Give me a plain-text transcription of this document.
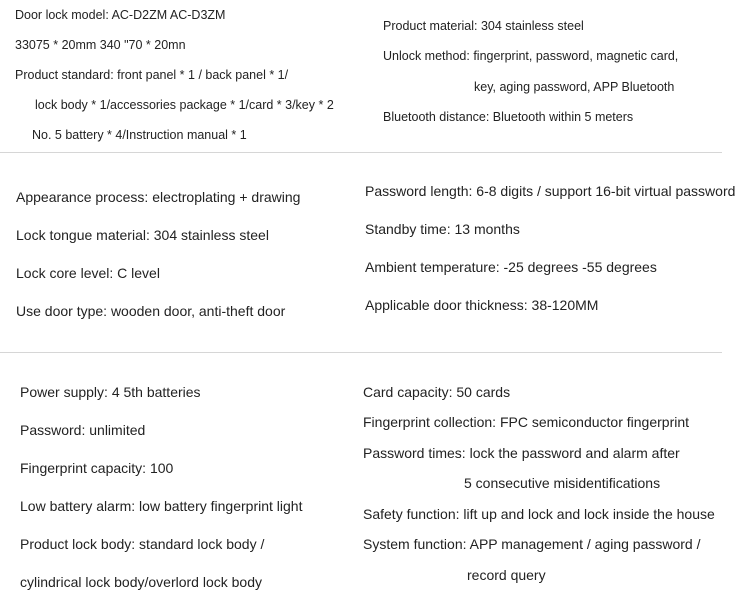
Door lock model: AC-D2ZM AC-D3ZM
33075 * 20mm 340 "70 * 20mn
Product standard: front panel * 1 / back panel * 1/
lock body * 1/accessories package * 1/card * 3/key * 2
No. 5 battery * 4/Instruction manual * 1
Product material: 304 stainless steel
Unlock method: fingerprint, password, magnetic card,
key, aging password, APP Bluetooth
Bluetooth distance: Bluetooth within 5 meters
Appearance process: electroplating + drawing
Lock tongue material: 304 stainless steel
Lock core level: C level
Use door type: wooden door, anti-theft door
Password length: 6-8 digits / support 16-bit virtual password
Standby time: 13 months
Ambient temperature: -25 degrees -55 degrees
Applicable door thickness: 38-120MM
Power supply: 4 5th batteries
Password: unlimited
Fingerprint capacity: 100
Low battery alarm: low battery fingerprint light
Product lock body: standard lock body /
cylindrical lock body/overlord lock body
Card capacity: 50 cards
Fingerprint collection: FPC semiconductor fingerprint
Password times: lock the password and alarm after
5 consecutive misidentifications
Safety function: lift up and lock and lock inside the house
System function: APP management / aging password /
record query
